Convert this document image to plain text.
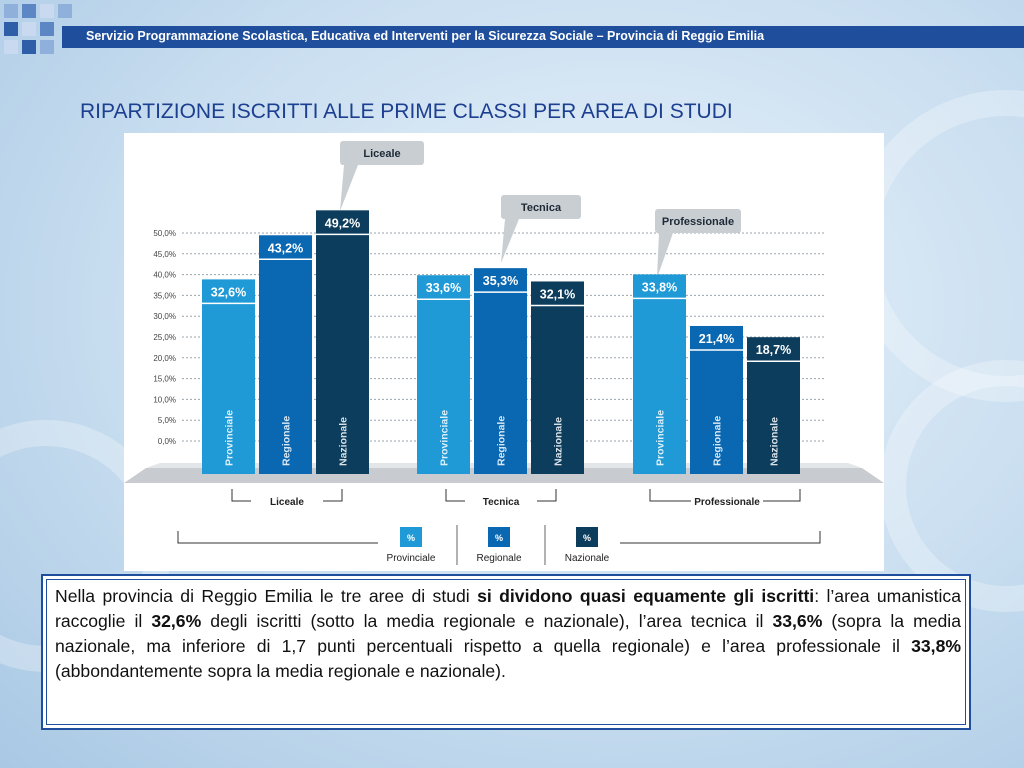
Servizio Programmazione Scolastica, Educativa ed Interventi per la Sicurezza Sociale – Provincia di Reggio Emilia
RIPARTIZIONE ISCRITTI ALLE PRIME CLASSI PER AREA DI STUDI
0,0%
5,0%
10,0%
15,0%
20,0%
25,0%
30,0%
35,0%
40,0%
45,0%
50,0%
Liceale
Tecnica
Professionale
32,6%
Provinciale
43,2%
Regionale
49,2%
Nazionale
33,6%
Provinciale
35,3%
Regionale
32,1%
Nazionale
33,8%
Provinciale
21,4%
Regionale
18,7%
Nazionale
Liceale	Tecnica	Professionale
%
Provinciale
%
Regionale
%
Nazionale

Nella provincia di Reggio Emilia le tre aree di studi si dividono quasi equamente gli iscritti: l’area umanistica raccoglie il 32,6% degli iscritti (sotto la media regionale e nazionale), l’area tecnica il 33,6% (sopra la media nazionale, ma inferiore di 1,7 punti percentuali rispetto a quella regionale) e l’area professionale il 33,8% (abbondantemente sopra la media regionale e nazionale).
